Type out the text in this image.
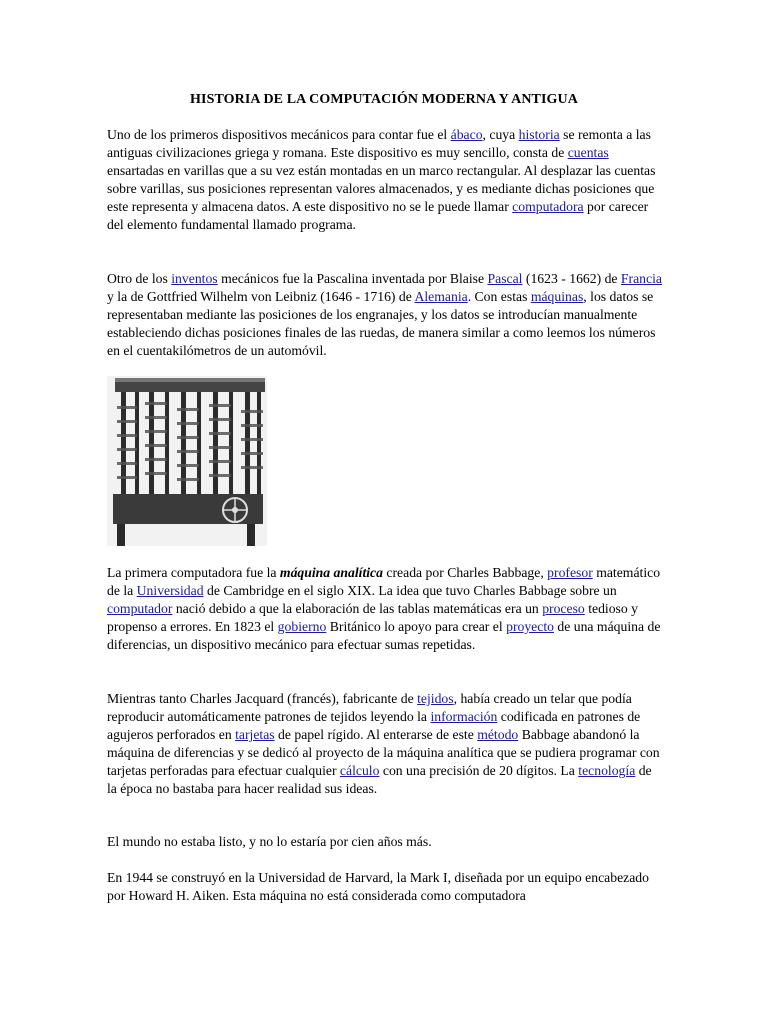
HISTORIA DE LA COMPUTACIÓN MODERNA Y ANTIGUA

Uno de los primeros dispositivos mecánicos para contar fue el ábaco, cuya historia se remonta a las antiguas civilizaciones griega y romana. Este dispositivo es muy sencillo, consta de cuentas ensartadas en varillas que a su vez están montadas en un marco rectangular. Al desplazar las cuentas sobre varillas, sus posiciones representan valores almacenados, y es mediante dichas posiciones que este representa y almacena datos. A este dispositivo no se le puede llamar computadora por carecer del elemento fundamental llamado programa.

Otro de los inventos mecánicos fue la Pascalina inventada por Blaise Pascal (1623 - 1662) de Francia y la de Gottfried Wilhelm von Leibniz (1646 - 1716) de Alemania. Con estas máquinas, los datos se representaban mediante las posiciones de los engranajes, y los datos se introducían manualmente estableciendo dichas posiciones finales de las ruedas, de manera similar a como leemos los números en el cuentakilómetros de un automóvil.

La primera computadora fue la máquina analítica creada por Charles Babbage, profesor matemático de la Universidad de Cambridge en el siglo XIX. La idea que tuvo Charles Babbage sobre un computador nació debido a que la elaboración de las tablas matemáticas era un proceso tedioso y propenso a errores. En 1823 el gobierno Británico lo apoyo para crear el proyecto de una máquina de diferencias, un dispositivo mecánico para efectuar sumas repetidas.

Mientras tanto Charles Jacquard (francés), fabricante de tejidos, había creado un telar que podía reproducir automáticamente patrones de tejidos leyendo la información codificada en patrones de agujeros perforados en tarjetas de papel rígido. Al enterarse de este método Babbage abandonó la máquina de diferencias y se dedicó al proyecto de la máquina analítica que se pudiera programar con tarjetas perforadas para efectuar cualquier cálculo con una precisión de 20 dígitos. La tecnología de la época no bastaba para hacer realidad sus ideas.

El mundo no estaba listo, y no lo estaría por cien años más.

En 1944 se construyó en la Universidad de Harvard, la Mark I, diseñada por un equipo encabezado por Howard H. Aiken. Esta máquina no está considerada como computadora
